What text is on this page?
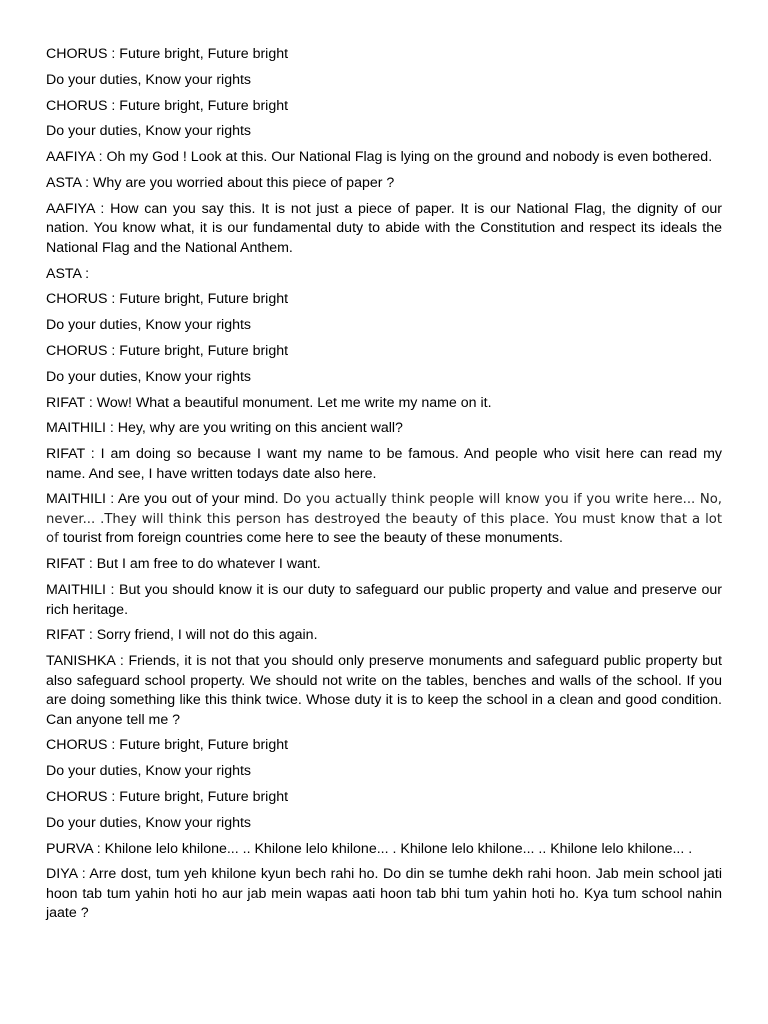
CHORUS : Future bright, Future bright

Do your duties, Know your rights

CHORUS : Future bright, Future bright

Do your duties, Know your rights

AAFIYA : Oh my God ! Look at this. Our National Flag is lying on the ground and nobody is even bothered.

ASTA : Why are you worried about this piece of paper ?

AAFIYA : How can you say this. It is not just a piece of paper. It is our National Flag, the dignity of our nation. You know what, it is our fundamental duty to abide with the Constitution and respect its ideals the National Flag and the National Anthem.

ASTA :

CHORUS : Future bright, Future bright

Do your duties, Know your rights

CHORUS : Future bright, Future bright

Do your duties, Know your rights

RIFAT : Wow! What a beautiful monument. Let me write my name on it.

MAITHILI : Hey, why are you writing on this ancient wall?

RIFAT : I am doing so because I want my name to be famous. And people who visit here can read my name. And see, I have written todays date also here.

MAITHILI : Are you out of your mind. Do you actually think people will know you if you write here... No, never... .They will think this person has destroyed the beauty of this place. You must know that a lot of tourist from foreign countries come here to see the beauty of these monuments.

RIFAT : But I am free to do whatever I want.

MAITHILI : But you should know it is our duty to safeguard our public property and value and preserve our rich heritage.

RIFAT : Sorry friend, I will not do this again.

TANISHKA : Friends, it is not that you should only preserve monuments and safeguard public property but also safeguard school property. We should not write on the tables, benches and walls of the school. If you are doing something like this think twice. Whose duty it is to keep the school in a clean and good condition. Can anyone tell me ?

CHORUS : Future bright, Future bright

Do your duties, Know your rights

CHORUS : Future bright, Future bright

Do your duties, Know your rights

PURVA : Khilone lelo khilone... .. Khilone lelo khilone... . Khilone lelo khilone... .. Khilone lelo khilone... .

DIYA : Arre dost, tum yeh khilone kyun bech rahi ho. Do din se tumhe dekh rahi hoon. Jab mein school jati hoon tab tum yahin hoti ho aur jab mein wapas aati hoon tab bhi tum yahin hoti ho. Kya tum school nahin jaate ?
